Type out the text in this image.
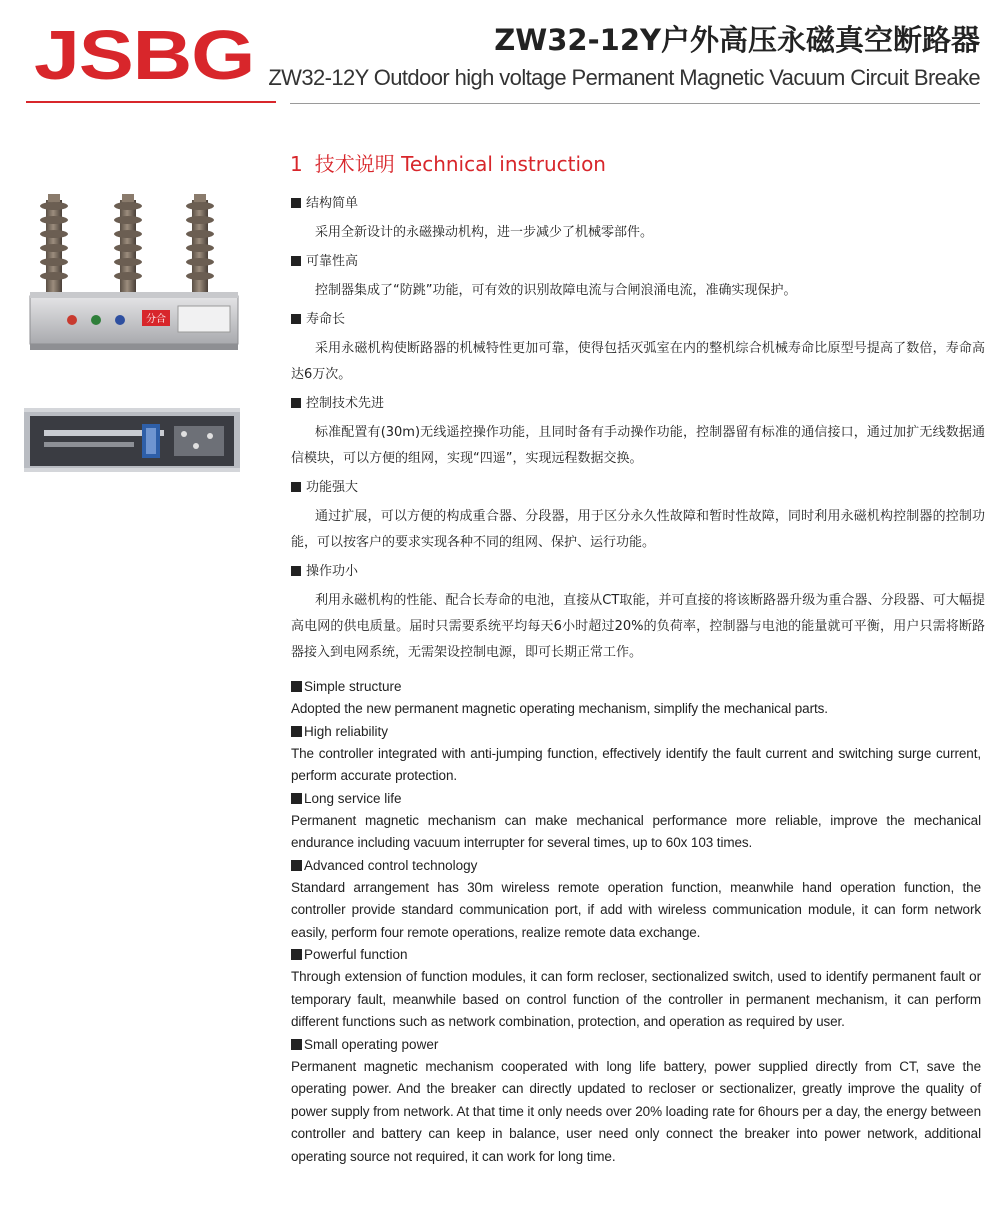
JSBG	ZW32-12Y户外高压永磁真空断路器
ZW32-12Y Outdoor high voltage Permanent Magnetic Vacuum Circuit Breake
1 技术说明 Technical instruction
分合
结构简单
采用全新设计的永磁操动机构，进一步减少了机械零部件。
可靠性高
控制器集成了“防跳”功能，可有效的识别故障电流与合闸浪涌电流，准确实现保护。
寿命长
采用永磁机构使断路器的机械特性更加可靠，使得包括灭弧室在内的整机综合机械寿命比原型号提高了数倍，寿命高达6万次。
控制技术先进
标准配置有(30m)无线遥控操作功能，且同时备有手动操作功能，控制器留有标准的通信接口，通过加扩无线数据通信模块，可以方便的组网，实现“四遥”，实现远程数据交换。
功能强大
通过扩展，可以方便的构成重合器、分段器，用于区分永久性故障和暂时性故障，同时利用永磁机构控制器的控制功能，可以按客户的要求实现各种不同的组网、保护、运行功能。
操作功小
利用永磁机构的性能、配合长寿命的电池，直接从CT取能，并可直接的将该断路器升级为重合器、分段器、可大幅提高电网的供电质量。届时只需要系统平均每天6小时超过20%的负荷率，控制器与电池的能量就可平衡，用户只需将断路器接入到电网系统，无需架设控制电源，即可长期正常工作。
Simple structure
Adopted the new permanent magnetic operating mechanism, simplify the mechanical parts.
High reliability
The controller integrated with anti-jumping function, effectively identify the fault current and switching surge current, perform accurate protection.
Long service life
Permanent magnetic mechanism can make mechanical performance more reliable, improve the mechanical endurance including vacuum interrupter for several times, up to 60x 103 times.
Advanced control technology
Standard arrangement has 30m wireless remote operation function, meanwhile hand operation function, the controller provide standard communication port, if add with wireless communication module, it can form network easily, perform four remote operations, realize remote data exchange.
Powerful function
Through extension of function modules, it can form recloser, sectionalized switch, used to identify permanent fault or temporary fault, meanwhile based on control function of the controller in permanent mechanism, it can perform different functions such as network combination, protection, and operation as required by user.
Small operating power
Permanent magnetic mechanism cooperated with long life battery, power supplied directly from CT, save the operating power. And the breaker can directly updated to recloser or sectionalizer, greatly improve the quality of power supply from network. At that time it only needs over 20% loading rate for 6hours per a day, the energy between controller and battery can keep in balance, user need only connect the breaker into power network, additional operating source not required, it can work for long time.
